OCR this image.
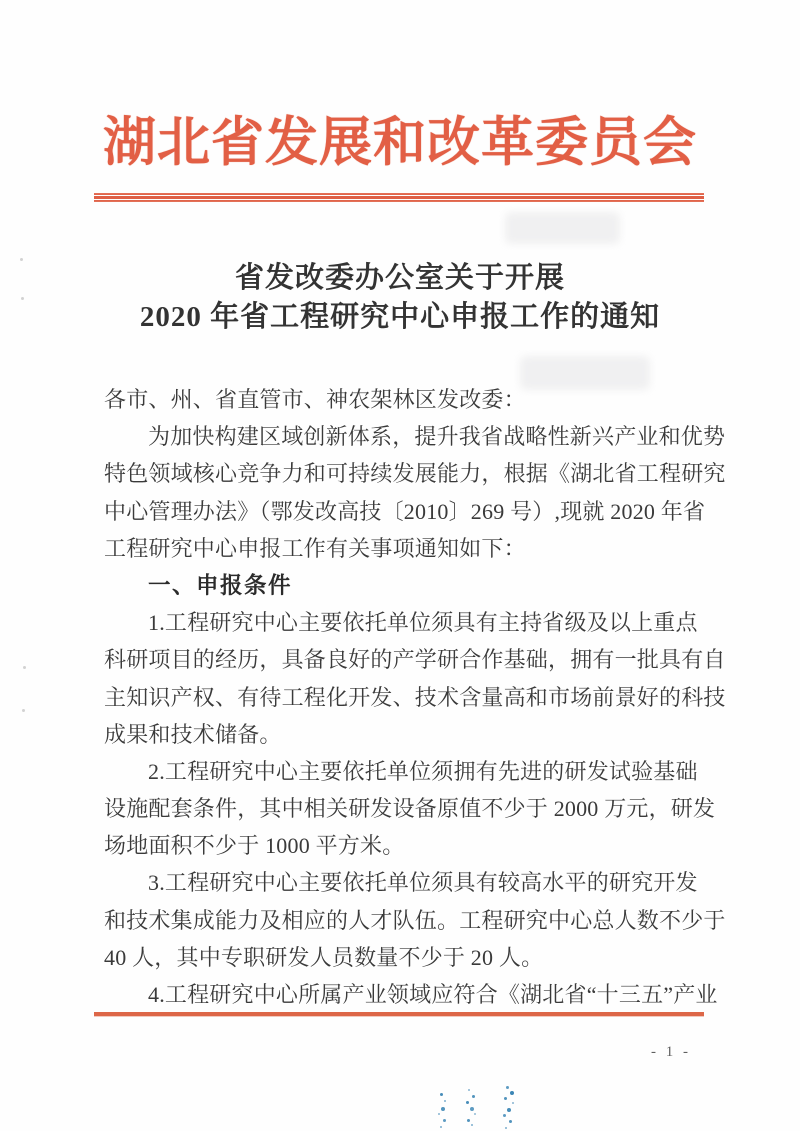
湖北省发展和改革委员会
省发改委办公室关于开展
2020 年省工程研究中心申报工作的通知
各市、州、省直管市、神农架林区发改委：
为加快构建区域创新体系，提升我省战略性新兴产业和优势
特色领域核心竞争力和可持续发展能力，根据《湖北省工程研究
中心管理办法》（鄂发改高技〔2010〕269 号）,现就 2020 年省
工程研究中心申报工作有关事项通知如下：
一、申报条件
1.工程研究中心主要依托单位须具有主持省级及以上重点
科研项目的经历，具备良好的产学研合作基础，拥有一批具有自
主知识产权、有待工程化开发、技术含量高和市场前景好的科技
成果和技术储备。
2.工程研究中心主要依托单位须拥有先进的研发试验基础
设施配套条件，其中相关研发设备原值不少于 2000 万元，研发
场地面积不少于 1000 平方米。
3.工程研究中心主要依托单位须具有较高水平的研究开发
和技术集成能力及相应的人才队伍。工程研究中心总人数不少于
40 人，其中专职研发人员数量不少于 20 人。
4.工程研究中心所属产业领域应符合《湖北省“十三五”产业
- 1 -
